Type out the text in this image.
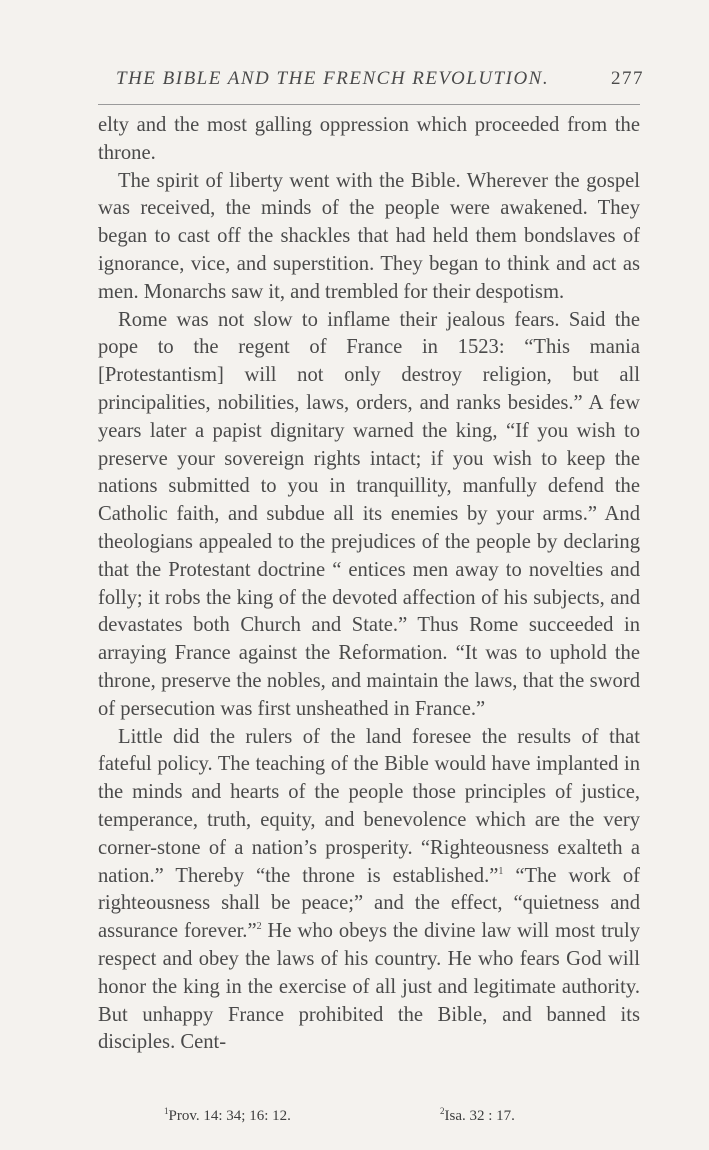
THE BIBLE AND THE FRENCH REVOLUTION.	277

elty and the most galling oppression which proceeded from the throne.

The spirit of liberty went with the Bible. Wherever the gospel was received, the minds of the people were awakened. They began to cast off the shackles that had held them bondslaves of ignorance, vice, and superstition. They began to think and act as men. Monarchs saw it, and trembled for their despotism.

Rome was not slow to inflame their jealous fears. Said the pope to the regent of France in 1523: “This mania [Protestantism] will not only destroy religion, but all principalities, nobilities, laws, orders, and ranks besides.” A few years later a papist dignitary warned the king, “If you wish to preserve your sovereign rights intact; if you wish to keep the nations submitted to you in tranquillity, manfully defend the Catholic faith, and subdue all its enemies by your arms.” And theologians appealed to the prejudices of the people by declaring that the Protestant doctrine “ entices men away to novelties and folly; it robs the king of the devoted affection of his subjects, and devastates both Church and State.” Thus Rome succeeded in arraying France against the Reformation. “It was to uphold the throne, preserve the nobles, and maintain the laws, that the sword of persecution was first unsheathed in France.”

Little did the rulers of the land foresee the results of that fateful policy. The teaching of the Bible would have implanted in the minds and hearts of the people those principles of justice, temperance, truth, equity, and benevolence which are the very corner-stone of a nation’s prosperity. “Righteousness exalteth a nation.” Thereby “the throne is established.”$^1$ “The work of righteousness shall be peace;” and the effect, “quietness and assurance forever.”$^2$ He who obeys the divine law will most truly respect and obey the laws of his country. He who fears God will honor the king in the exercise of all just and legitimate authority. But unhappy France prohibited the Bible, and banned its disciples. Cent-

$^1$Prov. 14: 34; 16: 12.	$^2$Isa. 32 : 17.
